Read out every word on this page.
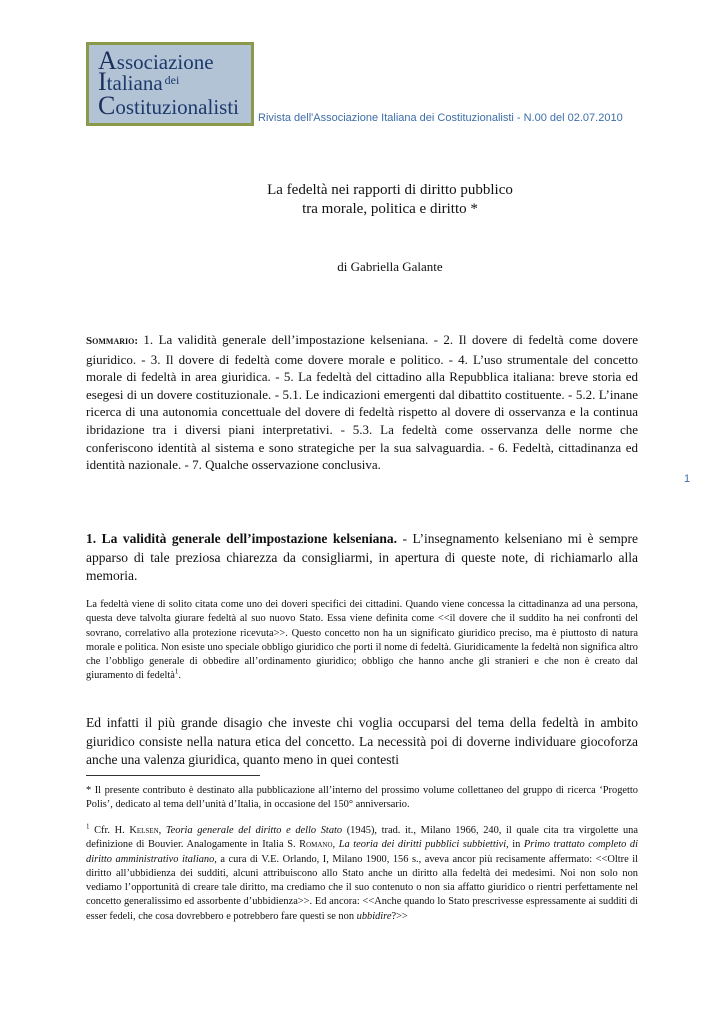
Associazione
Italiana $^{dei}$
Costituzionalisti	Rivista dell'Associazione Italiana dei Costituzionalisti - N.00 del 02.07.2010
La fedeltà nei rapporti di diritto pubblico
tra morale, politica e diritto *
di Gabriella Galante
Sommario: 1. La validità generale dell’impostazione kelseniana. - 2. Il dovere di fedeltà come dovere giuridico. - 3. Il dovere di fedeltà come dovere morale e politico. - 4. L’uso strumentale del concetto morale di fedeltà in area giuridica. - 5. La fedeltà del cittadino alla Repubblica italiana: breve storia ed esegesi di un dovere costituzionale. - 5.1. Le indicazioni emergenti dal dibattito costituente. - 5.2. L’inane ricerca di una autonomia concettuale del dovere di fedeltà rispetto al dovere di osservanza e la continua ibridazione tra i diversi piani interpretativi. - 5.3. La fedeltà come osservanza delle norme che conferiscono identità al sistema e sono strategiche per la sua salvaguardia. - 6. Fedeltà, cittadinanza ed identità nazionale. - 7. Qualche osservazione conclusiva.
1
1. La validità generale dell’impostazione kelseniana. - L’insegnamento kelseniano mi è sempre apparso di tale preziosa chiarezza da consigliarmi, in apertura di queste note, di richiamarlo alla memoria.
La fedeltà viene di solito citata come uno dei doveri specifici dei cittadini. Quando viene concessa la cittadinanza ad una persona, questa deve talvolta giurare fedeltà al suo nuovo Stato. Essa viene definita come <<il dovere che il suddito ha nei confronti del sovrano, correlativo alla protezione ricevuta>>. Questo concetto non ha un significato giuridico preciso, ma è piuttosto di natura morale e politica. Non esiste uno speciale obbligo giuridico che porti il nome di fedeltà. Giuridicamente la fedeltà non significa altro che l’obbligo generale di obbedire all’ordinamento giuridico; obbligo che hanno anche gli stranieri e che non è creato dal giuramento di fedeltà$^1$.
Ed infatti il più grande disagio che investe chi voglia occuparsi del tema della fedeltà in ambito giuridico consiste nella natura etica del concetto. La necessità poi di doverne individuare giocoforza anche una valenza giuridica, quanto meno in quei contesti
* Il presente contributo è destinato alla pubblicazione all’interno del prossimo volume collettaneo del gruppo di ricerca ‘Progetto Polis’, dedicato al tema dell’unità d’Italia, in occasione del 150° anniversario.
$^1$ Cfr. H. Kelsen, Teoria generale del diritto e dello Stato (1945), trad. it., Milano 1966, 240, il quale cita tra virgolette una definizione di Bouvier. Analogamente in Italia S. Romano, La teoria dei diritti pubblici subbiettivi, in Primo trattato completo di diritto amministrativo italiano, a cura di V.E. Orlando, I, Milano 1900, 156 s., aveva ancor più recisamente affermato: <<Oltre il diritto all’ubbidienza dei sudditi, alcuni attribuiscono allo Stato anche un diritto alla fedeltà dei medesimi. Noi non solo non vediamo l’opportunità di creare tale diritto, ma crediamo che il suo contenuto o non sia affatto giuridico o rientri perfettamente nel concetto generalissimo ed assorbente d’ubbidienza>>. Ed ancora: <<Anche quando lo Stato prescrivesse espressamente ai sudditi di esser fedeli, che cosa dovrebbero e potrebbero fare questi se non ubbidire?>>
